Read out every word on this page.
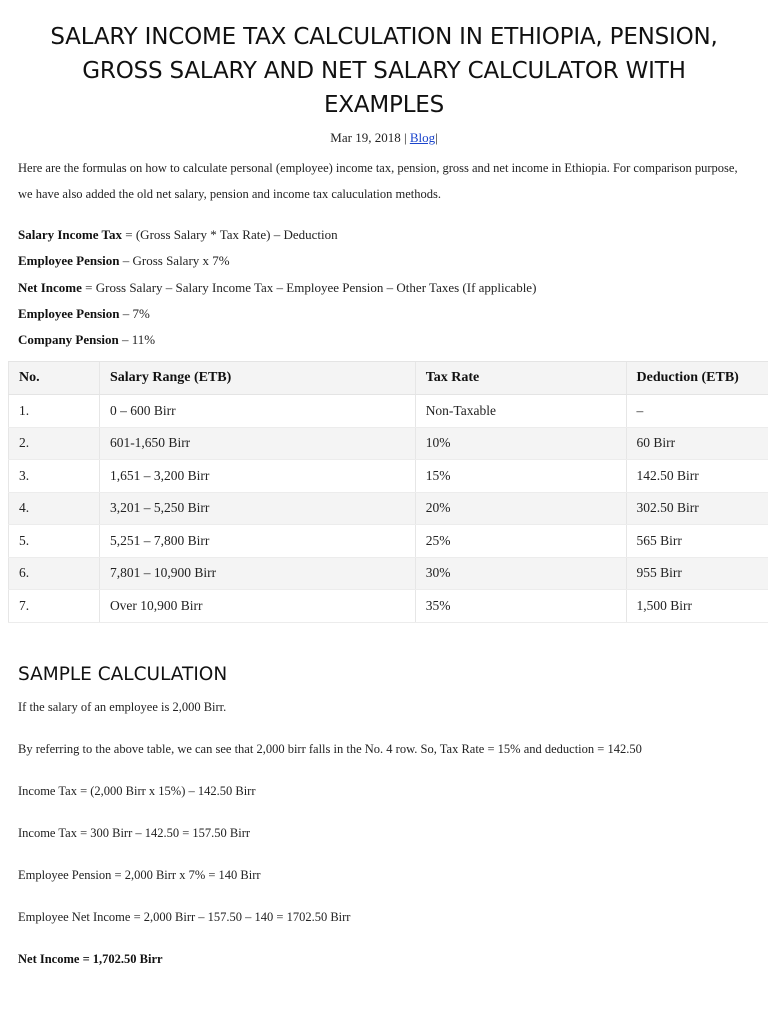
SALARY INCOME TAX CALCULATION IN ETHIOPIA, PENSION, GROSS SALARY AND NET SALARY CALCULATOR WITH EXAMPLES
Mar 19, 2018 | Blog|

Here are the formulas on how to calculate personal (employee) income tax, pension, gross and net income in Ethiopia. For comparison purpose, we have also added the old net salary, pension and income tax caluculation methods.

Salary Income Tax = (Gross Salary * Tax Rate) – Deduction
Employee Pension – Gross Salary x 7%
Net Income = Gross Salary – Salary Income Tax – Employee Pension – Other Taxes (If applicable)
Employee Pension – 7%
Company Pension – 11%
No.	Salary Range (ETB)	Tax Rate	Deduction (ETB)
1.	0 – 600 Birr	Non-Taxable	–
2.	601-1,650 Birr	10%	60 Birr
3.	1,651 – 3,200 Birr	15%	142.50 Birr
4.	3,201 – 5,250 Birr	20%	302.50 Birr
5.	5,251 – 7,800 Birr	25%	565 Birr
6.	7,801 – 10,900 Birr	30%	955 Birr
7.	Over 10,900 Birr	35%	1,500 Birr
SAMPLE CALCULATION
If the salary of an employee is 2,000 Birr.
By referring to the above table, we can see that 2,000 birr falls in the No. 4 row. So, Tax Rate = 15% and deduction = 142.50
Income Tax = (2,000 Birr x 15%) – 142.50 Birr
Income Tax = 300 Birr – 142.50 = 157.50 Birr
Employee Pension = 2,000 Birr x 7% = 140 Birr
Employee Net Income = 2,000 Birr – 157.50 – 140 = 1702.50 Birr
Net Income = 1,702.50 Birr
